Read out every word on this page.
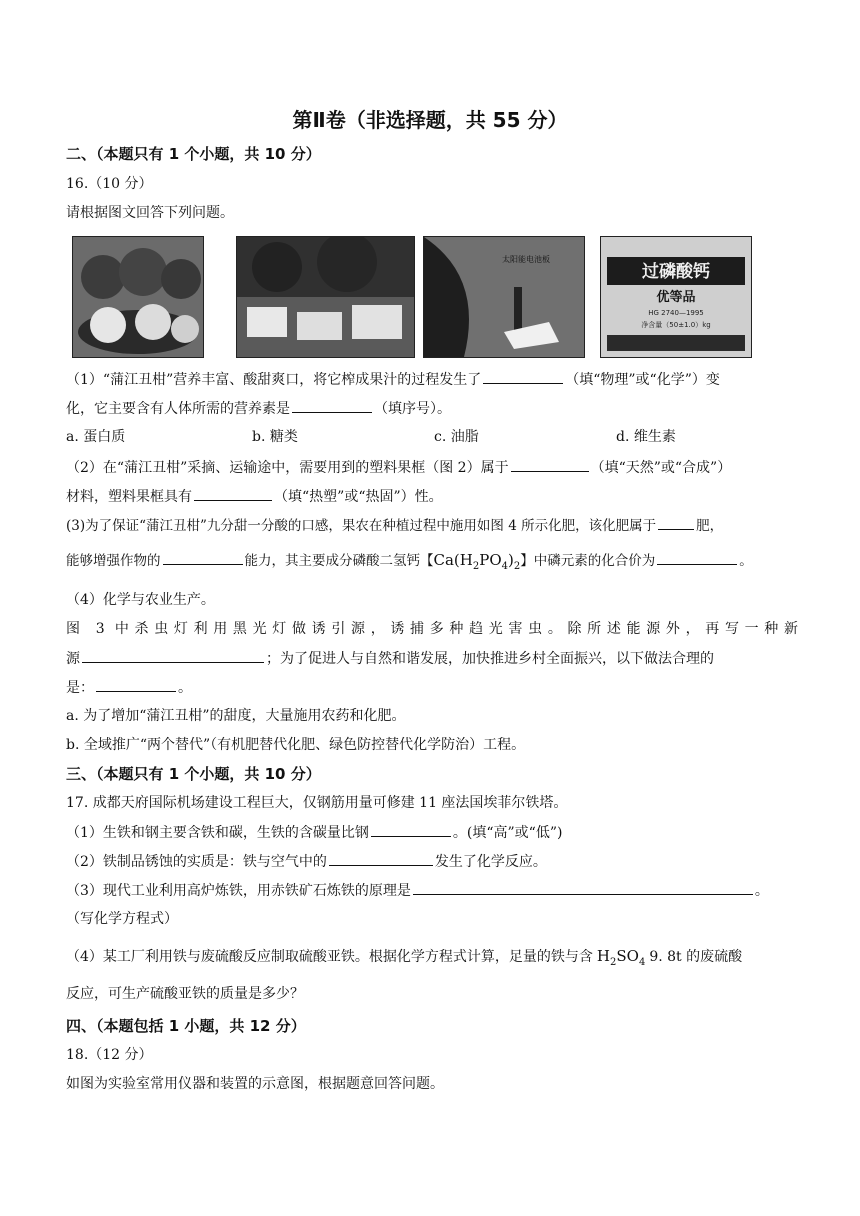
第Ⅱ卷（非选择题，共 55 分）
二、（本题只有 1 个小题，共 10 分）
16.（10 分）
请根据图文回答下列问题。
太阳能电池板
过磷酸钙
优等品
HG 2740—1995
净含量（50±1.0）kg
（1）“蒲江丑柑”营养丰富、酸甜爽口，将它榨成果汁的过程发生了	（填“物理”或“化学”）变
化，它主要含有人体所需的营养素是	（填序号）。
a. 蛋白质	b. 糖类	c. 油脂	d. 维生素
（2）在“蒲江丑柑”采摘、运输途中，需要用到的塑料果框（图 2）属于	（填“天然”或“合成”）
材料，塑料果框具有	（填“热塑”或“热固”）性。
(3)为了保证“蒲江丑柑”九分甜一分酸的口感，果农在种植过程中施用如图 4 所示化肥，该化肥属于	肥，
能够增强作物的	能力，其主要成分磷酸二氢钙【$Ca(H_2PO_4)_2$】中磷元素的化合价为	。
（4）化学与农业生产。
图 3 中杀虫灯利用黑光灯做诱引源，诱捕多种趋光害虫。除所述能源外，再写一种新
源	；为了促进人与自然和谐发展，加快推进乡村全面振兴，以下做法合理的
是：	。
a. 为了增加“蒲江丑柑”的甜度，大量施用农药和化肥。
b. 全域推广“两个替代”（有机肥替代化肥、绿色防控替代化学防治）工程。
三、（本题只有 1 个小题，共 10 分）
17. 成都天府国际机场建设工程巨大，仅钢筋用量可修建 11 座法国埃菲尔铁塔。
（1）生铁和钢主要含铁和碳，生铁的含碳量比钢	。(填“高”或“低”)
（2）铁制品锈蚀的实质是：铁与空气中的	发生了化学反应。
（3）现代工业利用高炉炼铁，用赤铁矿石炼铁的原理是	。
（写化学方程式）
（4）某工厂利用铁与废硫酸反应制取硫酸亚铁。根据化学方程式计算，足量的铁与含 $H_2SO_4$ 9. 8t 的废硫酸
反应，可生产硫酸亚铁的质量是多少？
四、（本题包括 1 小题，共 12 分）
18.（12 分）
如图为实验室常用仪器和装置的示意图，根据题意回答问题。
